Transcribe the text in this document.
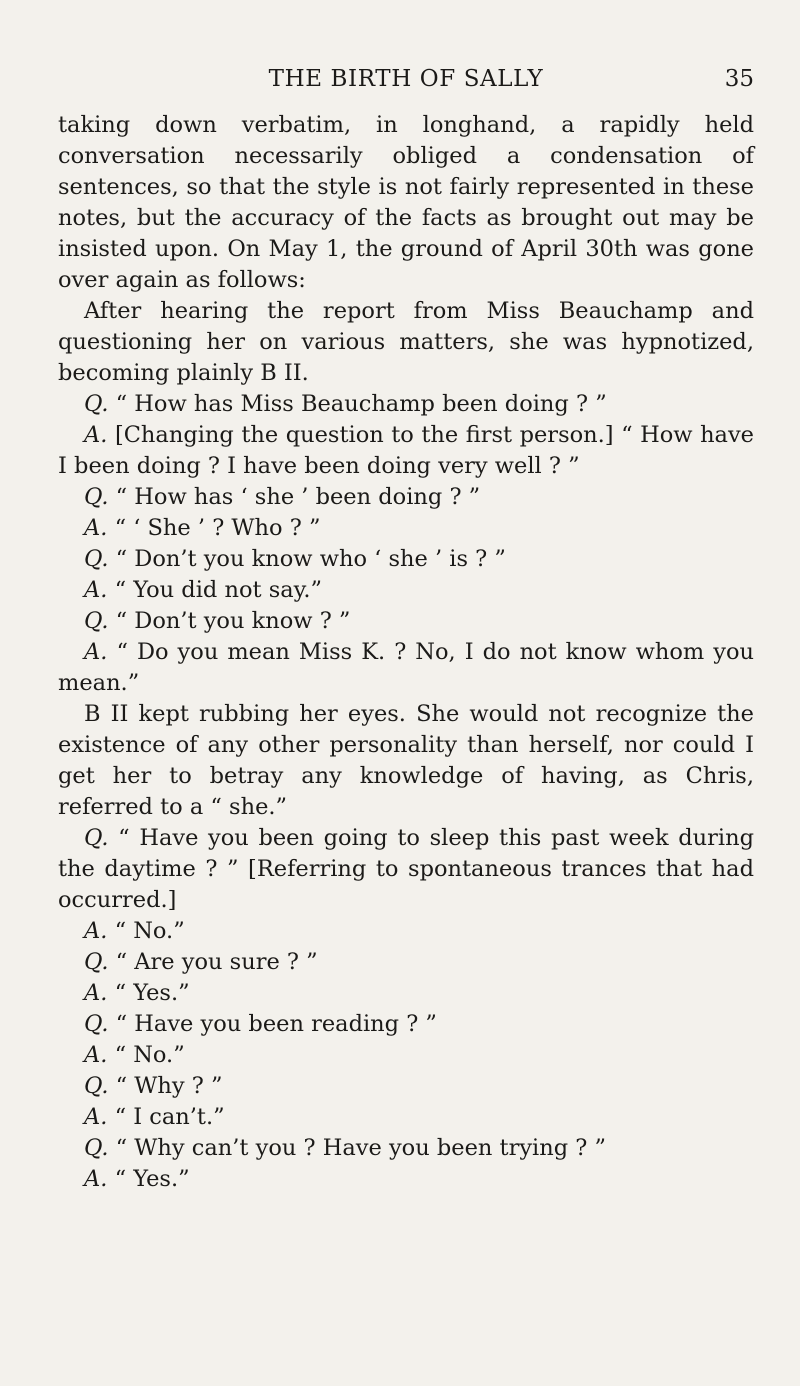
THE BIRTH OF SALLY	35

taking down verbatim, in longhand, a rapidly held conversation necessarily obliged a condensation of sentences, so that the style is not fairly represented in these notes, but the accuracy of the facts as brought out may be insisted upon. On May 1, the ground of April 30th was gone over again as follows:

After hearing the report from Miss Beauchamp and questioning her on various matters, she was hypnotized, becoming plainly B II.

Q. “ How has Miss Beauchamp been doing ? ”

A. [Changing the question to the first person.] “ How have I been doing ? I have been doing very well ? ”

Q. “ How has ‘ she ’ been doing ? ”

A. “ ‘ She ’ ? Who ? ”

Q. “ Don’t you know who ‘ she ’ is ? ”

A. “ You did not say.”

Q. “ Don’t you know ? ”

A. “ Do you mean Miss K. ? No, I do not know whom you mean.”

B II kept rubbing her eyes. She would not recognize the existence of any other personality than herself, nor could I get her to betray any knowledge of having, as Chris, referred to a “ she.”

Q. “ Have you been going to sleep this past week during the daytime ? ” [Referring to spontaneous trances that had occurred.]

A. “ No.”

Q. “ Are you sure ? ”

A. “ Yes.”

Q. “ Have you been reading ? ”

A. “ No.”

Q. “ Why ? ”

A. “ I can’t.”

Q. “ Why can’t you ? Have you been trying ? ”

A. “ Yes.”
